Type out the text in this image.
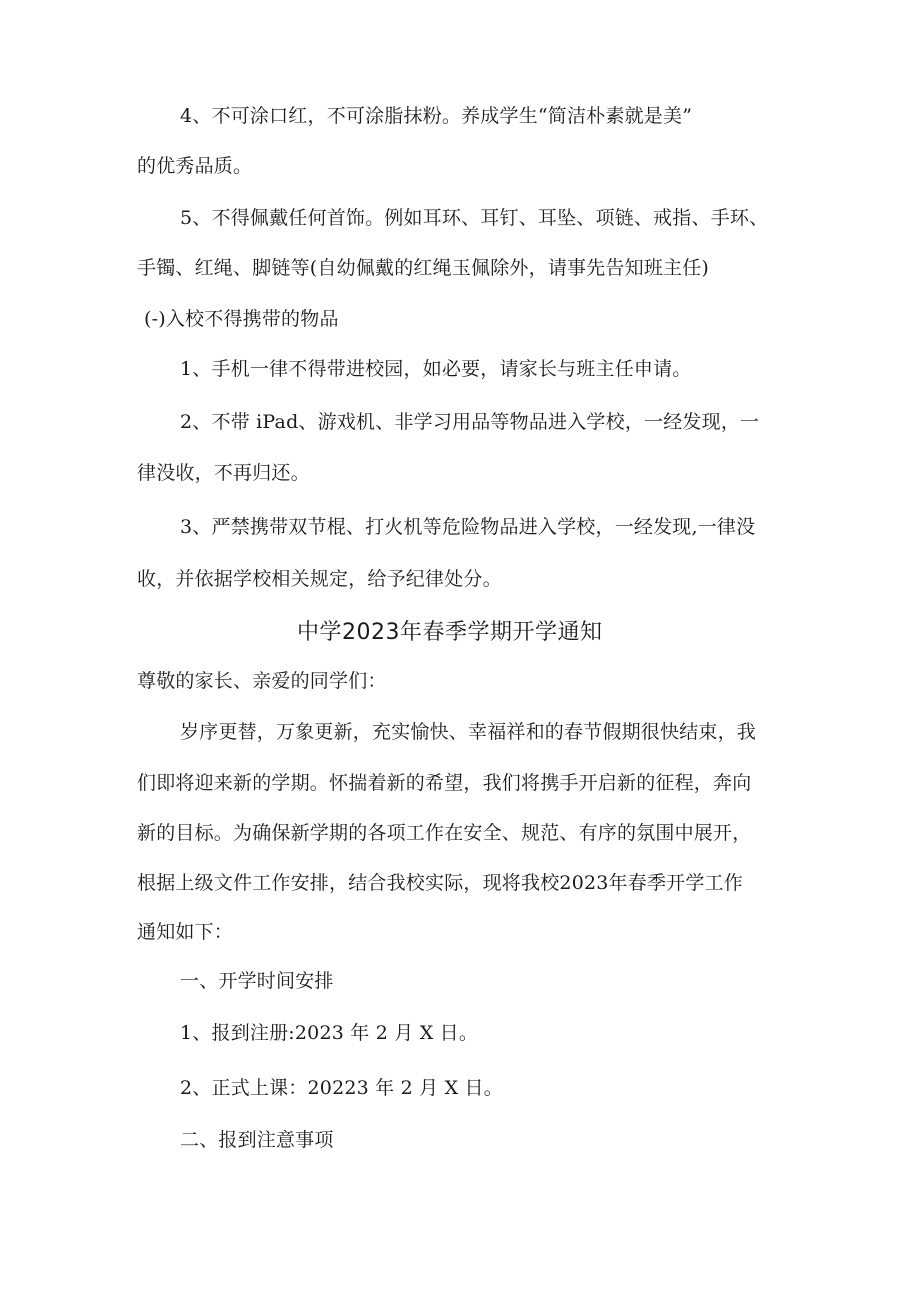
4、不可涂口红，不可涂脂抹粉。养成学生“简洁朴素就是美”
的优秀品质。
5、不得佩戴任何首饰。例如耳环、耳钉、耳坠、项链、戒指、手环、
手镯、红绳、脚链等(自幼佩戴的红绳玉佩除外，请事先告知班主任)
(-)入校不得携带的物品
1、手机一律不得带进校园，如必要，请家长与班主任申请。
2、不带 iPad、游戏机、非学习用品等物品进入学校，一经发现，一
律没收，不再归还。
3、严禁携带双节棍、打火机等危险物品进入学校，一经发现,一律没
收，并依据学校相关规定，给予纪律处分。
中学2023年春季学期开学通知
尊敬的家长、亲爱的同学们：
岁序更替，万象更新，充实愉快、幸福祥和的春节假期很快结束，我
们即将迎来新的学期。怀揣着新的希望，我们将携手开启新的征程，奔向
新的目标。为确保新学期的各项工作在安全、规范、有序的氛围中展开，
根据上级文件工作安排，结合我校实际，现将我校2023年春季开学工作
通知如下：
一、开学时间安排
1、报到注册:2023 年 2 月 X 日。
2、正式上课：20223 年 2 月 X 日。
二、报到注意事项
